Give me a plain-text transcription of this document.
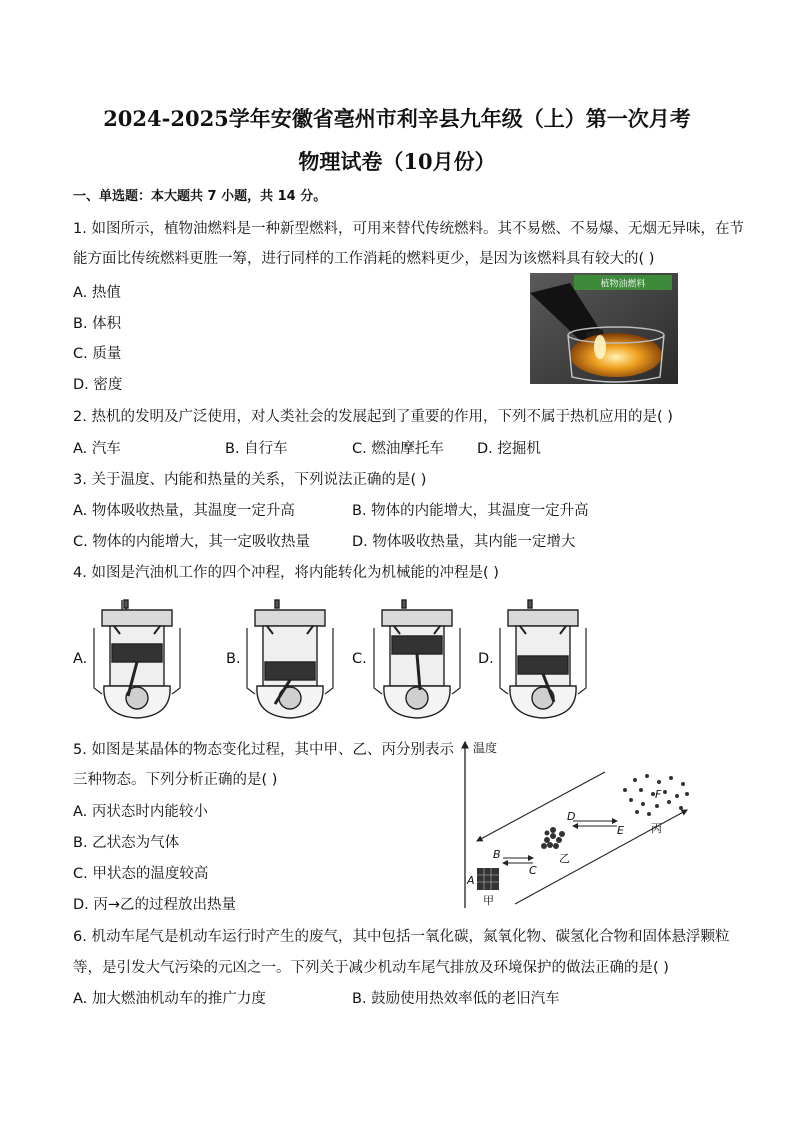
2024-2025学年安徽省亳州市利辛县九年级（上）第一次月考
物理试卷（10月份）
一、单选题：本大题共 7 小题，共 14 分。
1. 如图所示，植物油燃料是一种新型燃料，可用来替代传统燃料。其不易燃、不易爆、无烟无异味，在节
能方面比传统燃料更胜一筹，进行同样的工作消耗的燃料更少，是因为该燃料具有较大的( )
A. 热值
B. 体积
C. 质量
D. 密度
植物油燃料
2. 热机的发明及广泛使用，对人类社会的发展起到了重要的作用，下列不属于热机应用的是( )
A. 汽车	B. 自行车	C. 燃油摩托车 D. 挖掘机
3. 关于温度、内能和热量的关系，下列说法正确的是( )
A. 物体吸收热量，其温度一定升高	B. 物体的内能增大，其温度一定升高
C. 物体的内能增大，其一定吸收热量	D. 物体吸收热量，其内能一定增大
4. 如图是汽油机工作的四个冲程，将内能转化为机械能的冲程是( )
A.	B.	C.	D.
5. 如图是某晶体的物态变化过程，其中甲、乙、丙分别表示
三种物态。下列分析正确的是( )
A. 丙状态时内能较小
B. 乙状态为气体
C. 甲状态的温度较高
D. 丙→乙的过程放出热量
温度
A
B
C
D
E
F
甲
乙
丙
6. 机动车尾气是机动车运行时产生的废气，其中包括一氧化碳，氮氧化物、碳氢化合物和固体悬浮颗粒
等，是引发大气污染的元凶之一。下列关于减少机动车尾气排放及环境保护的做法正确的是( )
A. 加大燃油机动车的推广力度	B. 鼓励使用热效率低的老旧汽车
